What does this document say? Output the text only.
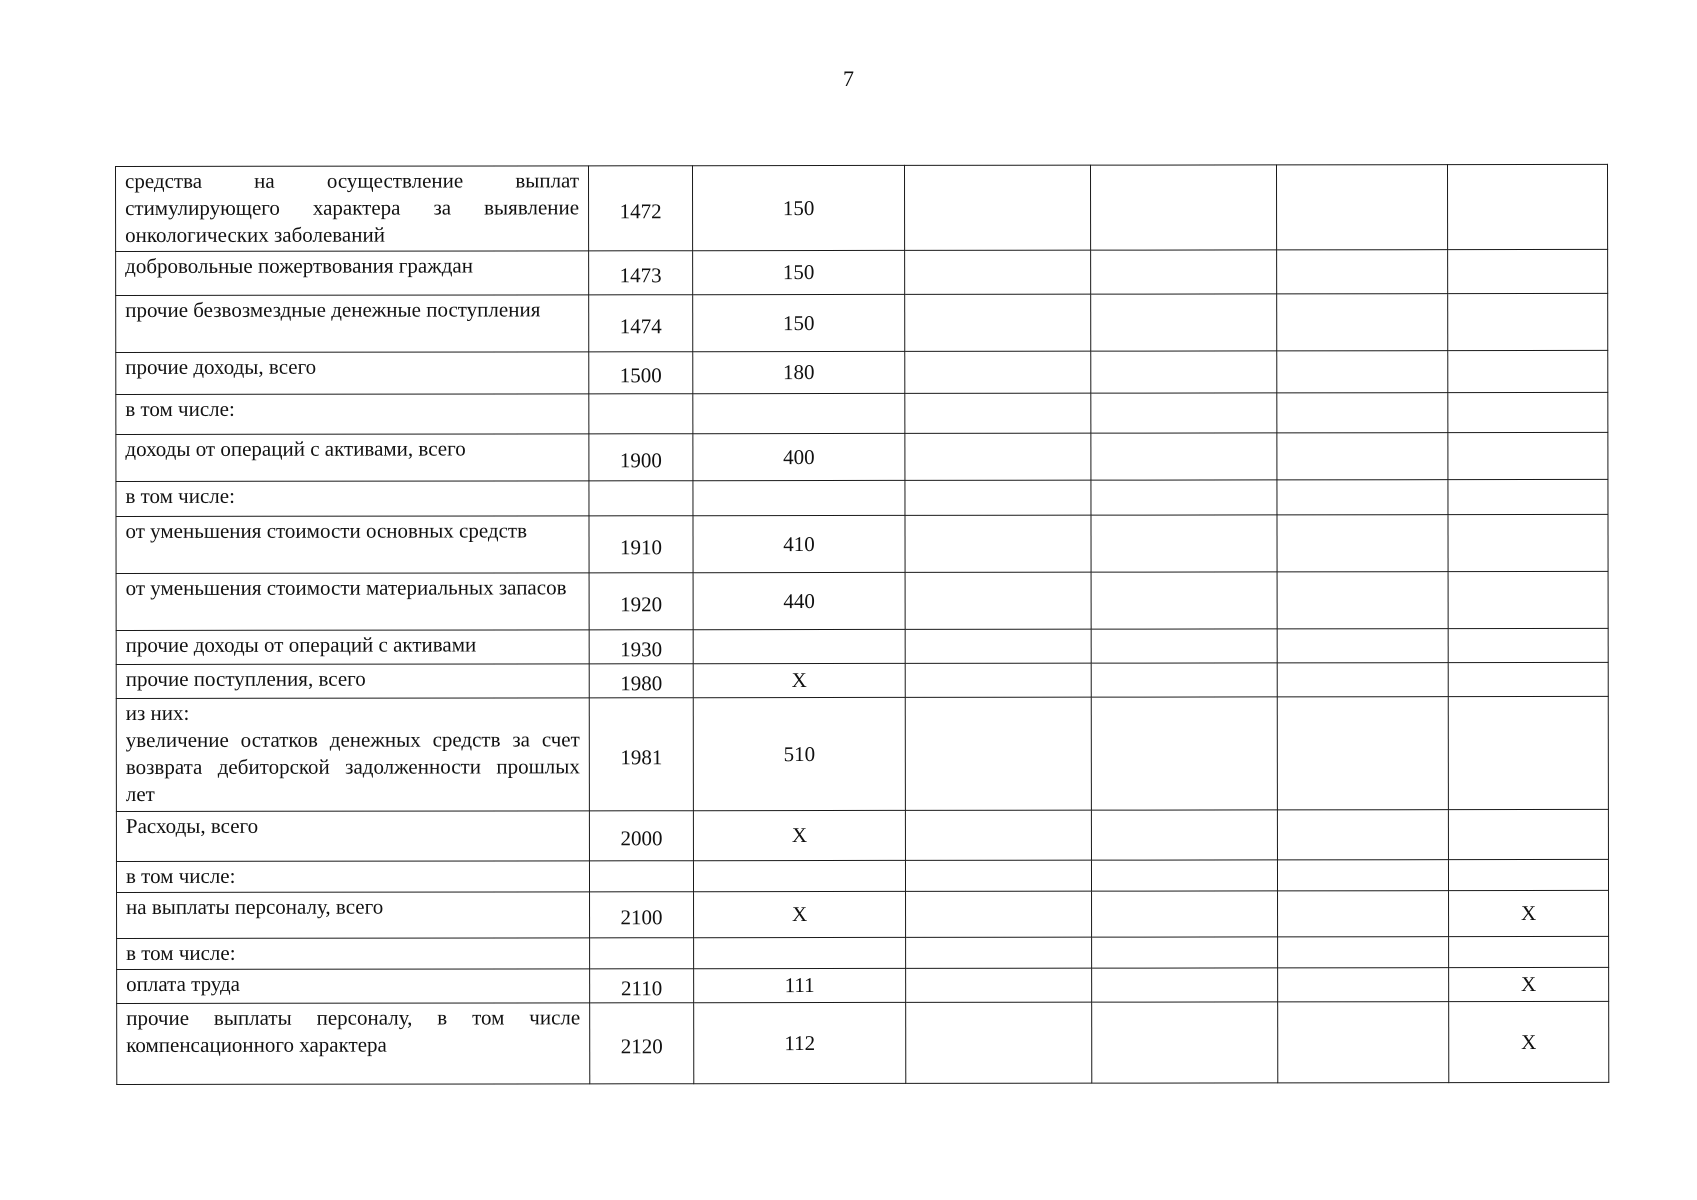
7
средства на осуществление выплат стимулирующего характера за выявление онкологических заболеваний	1472	150				
добровольные пожертвования граждан	1473	150				
прочие безвозмездные денежные поступления	1474	150				
прочие доходы, всего	1500	180				
в том числе:						
доходы от операций с активами, всего	1900	400				
в том числе:						
от уменьшения стоимости основных средств	1910	410				
от уменьшения стоимости материальных запасов	1920	440				
прочие доходы от операций с активами	1930					
прочие поступления, всего	1980	X				

из них:
увеличение остатков денежных средств за счет возврата дебиторской задолженности прошлых лет	1981	510				
Расходы, всего	2000	X				
в том числе:						
на выплаты персоналу, всего	2100	X				X
в том числе:						
оплата труда	2110	111				X
прочие выплаты персоналу, в том числе компенсационного характера	2120	112				X
